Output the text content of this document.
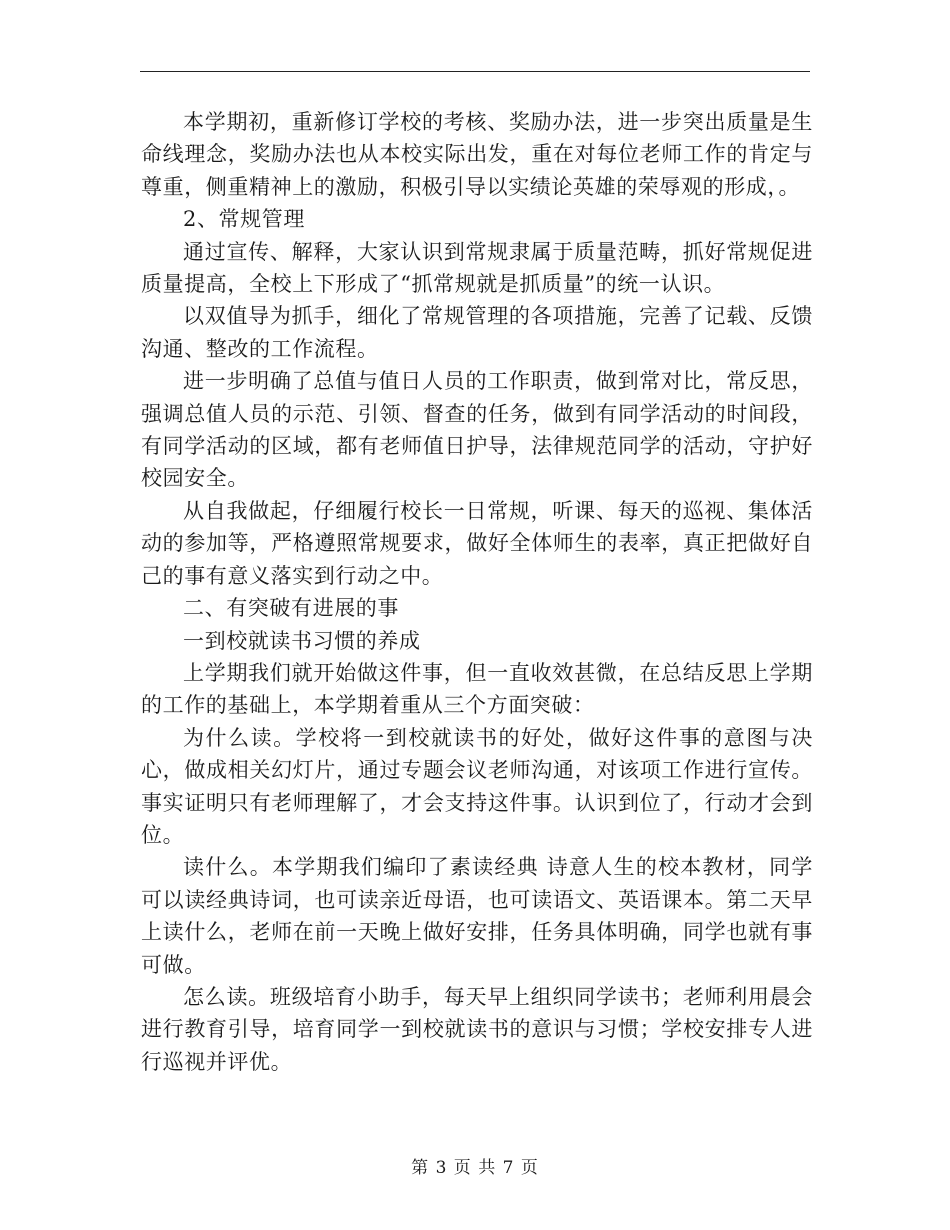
本学期初，重新修订学校的考核、奖励办法，进一步突出质量是生命线理念，奖励办法也从本校实际出发，重在对每位老师工作的肯定与尊重，侧重精神上的激励，积极引导以实绩论英雄的荣辱观的形成，。

2、常规管理

通过宣传、解释，大家认识到常规隶属于质量范畴，抓好常规促进质量提高，全校上下形成了“抓常规就是抓质量”的统一认识。

以双值导为抓手，细化了常规管理的各项措施，完善了记载、反馈沟通、整改的工作流程。

进一步明确了总值与值日人员的工作职责，做到常对比，常反思，强调总值人员的示范、引领、督查的任务，做到有同学活动的时间段，有同学活动的区域，都有老师值日护导，法律规范同学的活动，守护好校园安全。

从自我做起，仔细履行校长一日常规，听课、每天的巡视、集体活动的参加等，严格遵照常规要求，做好全体师生的表率，真正把做好自己的事有意义落实到行动之中。

二、有突破有进展的事

一到校就读书习惯的养成

上学期我们就开始做这件事，但一直收效甚微，在总结反思上学期的工作的基础上，本学期着重从三个方面突破：

为什么读。学校将一到校就读书的好处，做好这件事的意图与决心，做成相关幻灯片，通过专题会议老师沟通，对该项工作进行宣传。事实证明只有老师理解了，才会支持这件事。认识到位了，行动才会到位。

读什么。本学期我们编印了素读经典 诗意人生的校本教材，同学可以读经典诗词，也可读亲近母语，也可读语文、英语课本。第二天早上读什么，老师在前一天晚上做好安排，任务具体明确，同学也就有事可做。

怎么读。班级培育小助手，每天早上组织同学读书；老师利用晨会进行教育引导，培育同学一到校就读书的意识与习惯；学校安排专人进行巡视并评优。

第 3 页 共 7 页
